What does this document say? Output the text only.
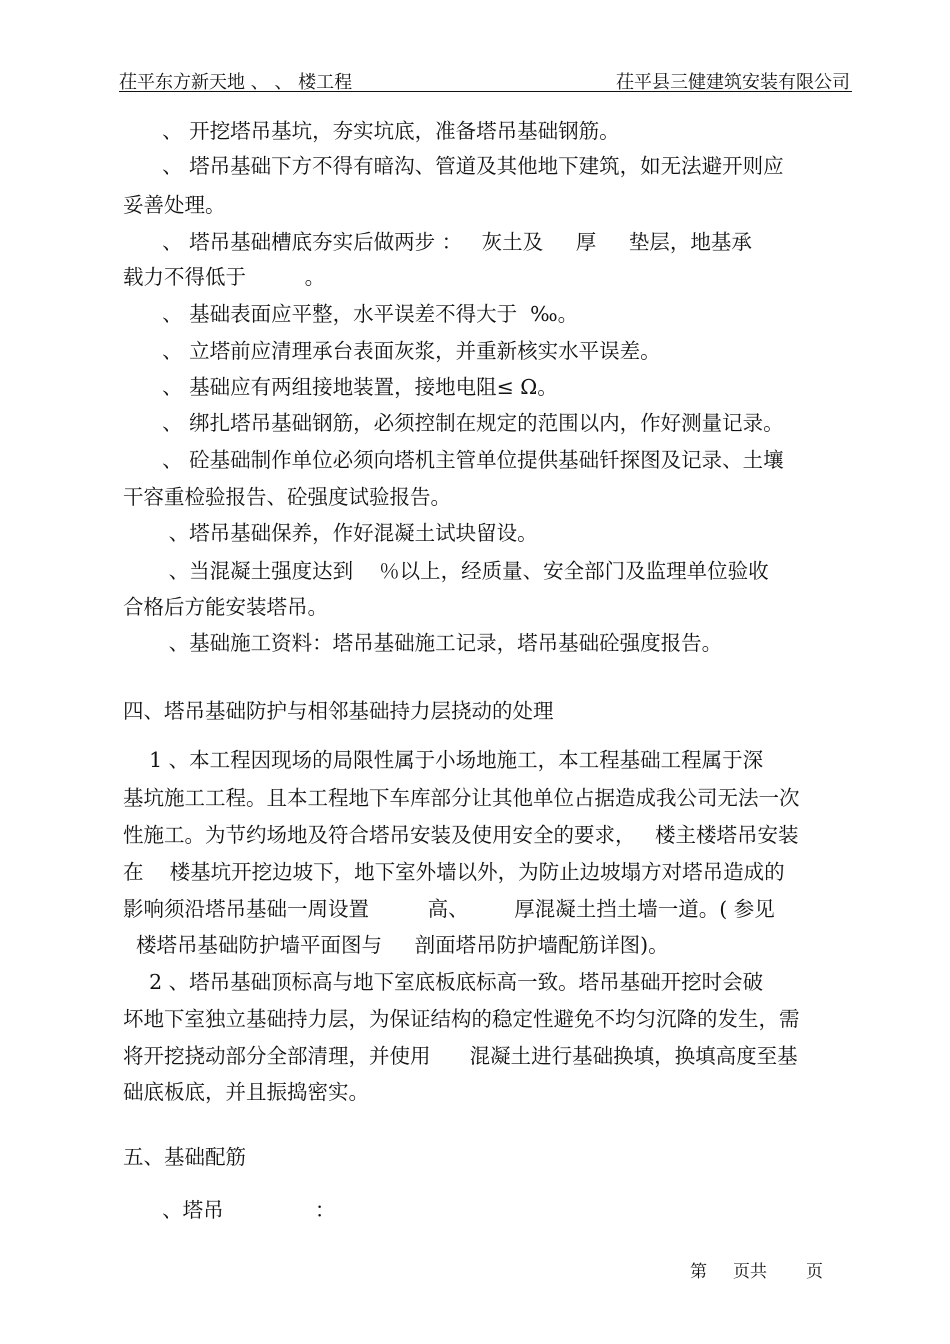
茌平东方新天地 、 、 楼工程	茌平县三健建筑安装有限公司
、 开挖塔吊基坑，夯实坑底，准备塔吊基础钢筋。
、 塔吊基础下方不得有暗沟、管道及其他地下建筑，如无法避开则应
妥善处理。
、 塔吊基础槽底夯实后做两步 ：   灰土及     厚     垫层，地基承
载力不得低于         。
、 基础表面应平整，水平误差不得大于  ‰。
、 立塔前应清理承台表面灰浆，并重新核实水平误差。
、 基础应有两组接地装置，接地电阻≤ Ω。
、 绑扎塔吊基础钢筋，必须控制在规定的范围以内，作好测量记录。
、 砼基础制作单位必须向塔机主管单位提供基础钎探图及记录、土壤
干容重检验报告、砼强度试验报告。
、塔吊基础保养，作好混凝土试块留设。
、当混凝土强度达到    ％以上，经质量、安全部门及监理单位验收
合格后方能安装塔吊。
、基础施工资料：塔吊基础施工记录，塔吊基础砼强度报告。
四、塔吊基础防护与相邻基础持力层挠动的处理
1 、本工程因现场的局限性属于小场地施工，本工程基础工程属于深
基坑施工工程。且本工程地下车库部分让其他单位占据造成我公司无法一次
性施工。为节约场地及符合塔吊安装及使用安全的要求，   楼主楼塔吊安装
在    楼基坑开挖边坡下，地下室外墙以外，为防止边坡塌方对塔吊造成的
影响须沿塔吊基础一周设置         高、       厚混凝土挡土墙一道。( 参见
楼塔吊基础防护墙平面图与     剖面塔吊防护墙配筋详图)。
2 、塔吊基础顶标高与地下室底板底标高一致。塔吊基础开挖时会破
坏地下室独立基础持力层，为保证结构的稳定性避免不均匀沉降的发生，需
将开挖挠动部分全部清理，并使用      混凝土进行基础换填，换填高度至基
础底板底，并且振捣密实。
五、基础配筋
、塔吊              ：
第 页共 页
